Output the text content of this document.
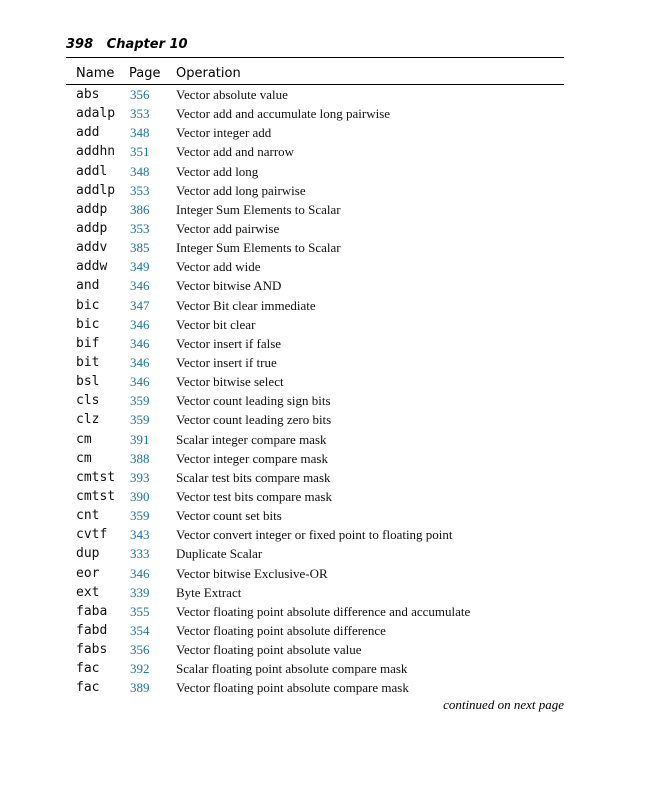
398 Chapter 10
Name Page Operation
abs 356 Vector absolute value
adalp 353 Vector add and accumulate long pairwise
add 348 Vector integer add
addhn 351 Vector add and narrow
addl 348 Vector add long
addlp 353 Vector add long pairwise
addp 386 Integer Sum Elements to Scalar
addp 353 Vector add pairwise
addv 385 Integer Sum Elements to Scalar
addw 349 Vector add wide
and 346 Vector bitwise AND
bic 347 Vector Bit clear immediate
bic 346 Vector bit clear
bif 346 Vector insert if false
bit 346 Vector insert if true
bsl 346 Vector bitwise select
cls 359 Vector count leading sign bits
clz 359 Vector count leading zero bits
cm	391 Scalar integer compare mask
cm	388 Vector integer compare mask
cmtst 393 Scalar test bits compare mask
cmtst 390 Vector test bits compare mask
cnt 359 Vector count set bits
cvtf 343 Vector convert integer or fixed point to floating point
dup 333 Duplicate Scalar
eor 346 Vector bitwise Exclusive-OR
ext 339 Byte Extract
faba 355 Vector floating point absolute difference and accumulate
fabd 354 Vector floating point absolute difference
fabs 356 Vector floating point absolute value
fac 392 Scalar floating point absolute compare mask
fac 389 Vector floating point absolute compare mask
continued on next page
